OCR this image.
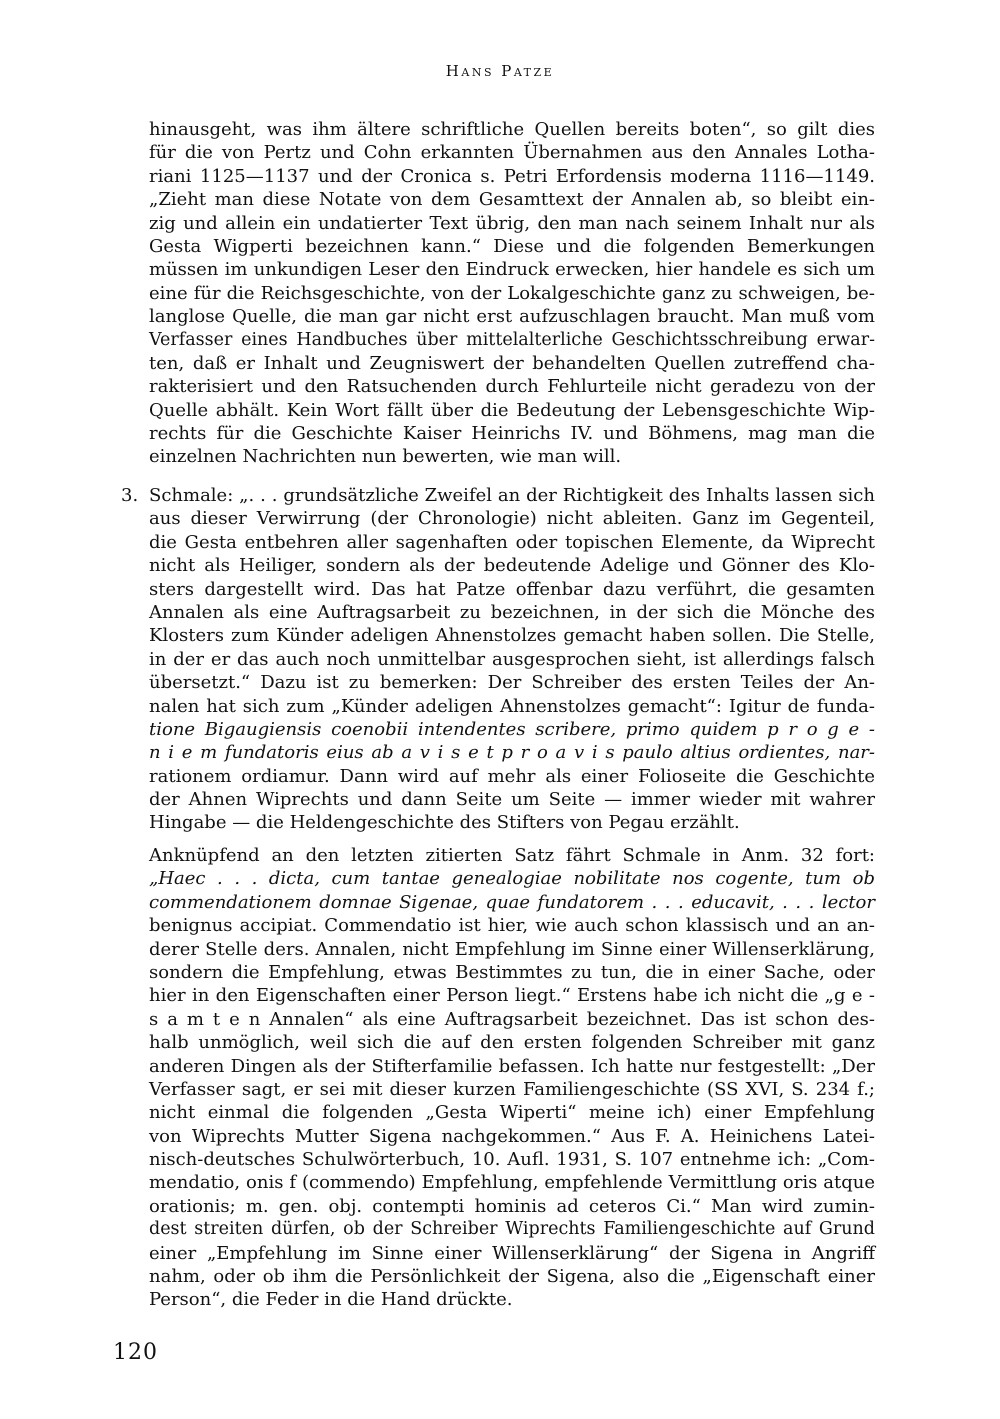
Hans Patze
hinausgeht, was ihm ältere schriftliche Quellen bereits boten“, so gilt dies
für die von Pertz und Cohn erkannten Übernahmen aus den Annales Lotha-
riani 1125—1137 und der Cronica s. Petri Erfordensis moderna 1116—1149.
„Zieht man diese Notate von dem Gesamttext der Annalen ab, so bleibt ein-
zig und allein ein undatierter Text übrig, den man nach seinem Inhalt nur als
Gesta Wigperti bezeichnen kann.“ Diese und die folgenden Bemerkungen
müssen im unkundigen Leser den Eindruck erwecken, hier handele es sich um
eine für die Reichsgeschichte, von der Lokalgeschichte ganz zu schweigen, be-
langlose Quelle, die man gar nicht erst aufzuschlagen braucht. Man muß vom
Verfasser eines Handbuches über mittelalterliche Geschichtsschreibung erwar-
ten, daß er Inhalt und Zeugniswert der behandelten Quellen zutreffend cha-
rakterisiert und den Ratsuchenden durch Fehlurteile nicht geradezu von der
Quelle abhält. Kein Wort fällt über die Bedeutung der Lebensgeschichte Wip-
rechts für die Geschichte Kaiser Heinrichs IV. und Böhmens, mag man die
einzelnen Nachrichten nun bewerten, wie man will.
3. Schmale: „. . . grundsätzliche Zweifel an der Richtigkeit des Inhalts lassen sich
aus dieser Verwirrung (der Chronologie) nicht ableiten. Ganz im Gegenteil,
die Gesta entbehren aller sagenhaften oder topischen Elemente, da Wiprecht
nicht als Heiliger, sondern als der bedeutende Adelige und Gönner des Klo-
sters dargestellt wird. Das hat Patze offenbar dazu verführt, die gesamten
Annalen als eine Auftragsarbeit zu bezeichnen, in der sich die Mönche des
Klosters zum Künder adeligen Ahnenstolzes gemacht haben sollen. Die Stelle,
in der er das auch noch unmittelbar ausgesprochen sieht, ist allerdings falsch
übersetzt.“ Dazu ist zu bemerken: Der Schreiber des ersten Teiles der An-
nalen hat sich zum „Künder adeligen Ahnenstolzes gemacht“: Igitur de funda-
tione Bigaugiensis coenobii intendentes scribere, primo quidem p r o g e -
n i e m fundatoris eius ab a v i s e t p r o a v i s paulo altius ordientes, nar-
rationem ordiamur. Dann wird auf mehr als einer Folioseite die Geschichte
der Ahnen Wiprechts und dann Seite um Seite — immer wieder mit wahrer
Hingabe — die Heldengeschichte des Stifters von Pegau erzählt.
Anknüpfend an den letzten zitierten Satz fährt Schmale in Anm. 32 fort:
„Haec . . . dicta, cum tantae genealogiae nobilitate nos cogente, tum ob
commendationem domnae Sigenae, quae fundatorem . . . educavit, . . . lector
benignus accipiat. Commendatio ist hier, wie auch schon klassisch und an an-
derer Stelle ders. Annalen, nicht Empfehlung im Sinne einer Willenserklärung,
sondern die Empfehlung, etwas Bestimmtes zu tun, die in einer Sache, oder
hier in den Eigenschaften einer Person liegt.“ Erstens habe ich nicht die „g e -
s a m t e n Annalen“ als eine Auftragsarbeit bezeichnet. Das ist schon des-
halb unmöglich, weil sich die auf den ersten folgenden Schreiber mit ganz
anderen Dingen als der Stifterfamilie befassen. Ich hatte nur festgestellt: „Der
Verfasser sagt, er sei mit dieser kurzen Familiengeschichte (SS XVI, S. 234 f.;
nicht einmal die folgenden „Gesta Wiperti“ meine ich) einer Empfehlung
von Wiprechts Mutter Sigena nachgekommen.“ Aus F. A. Heinichens Latei-
nisch-deutsches Schulwörterbuch, 10. Aufl. 1931, S. 107 entnehme ich: „Com-
mendatio, onis f (commendo) Empfehlung, empfehlende Vermittlung oris atque
orationis; m. gen. obj. contempti hominis ad ceteros Ci.“ Man wird zumin-
dest streiten dürfen, ob der Schreiber Wiprechts Familiengeschichte auf Grund
einer „Empfehlung im Sinne einer Willenserklärung“ der Sigena in Angriff
nahm, oder ob ihm die Persönlichkeit der Sigena, also die „Eigenschaft einer
Person“, die Feder in die Hand drückte.
120
